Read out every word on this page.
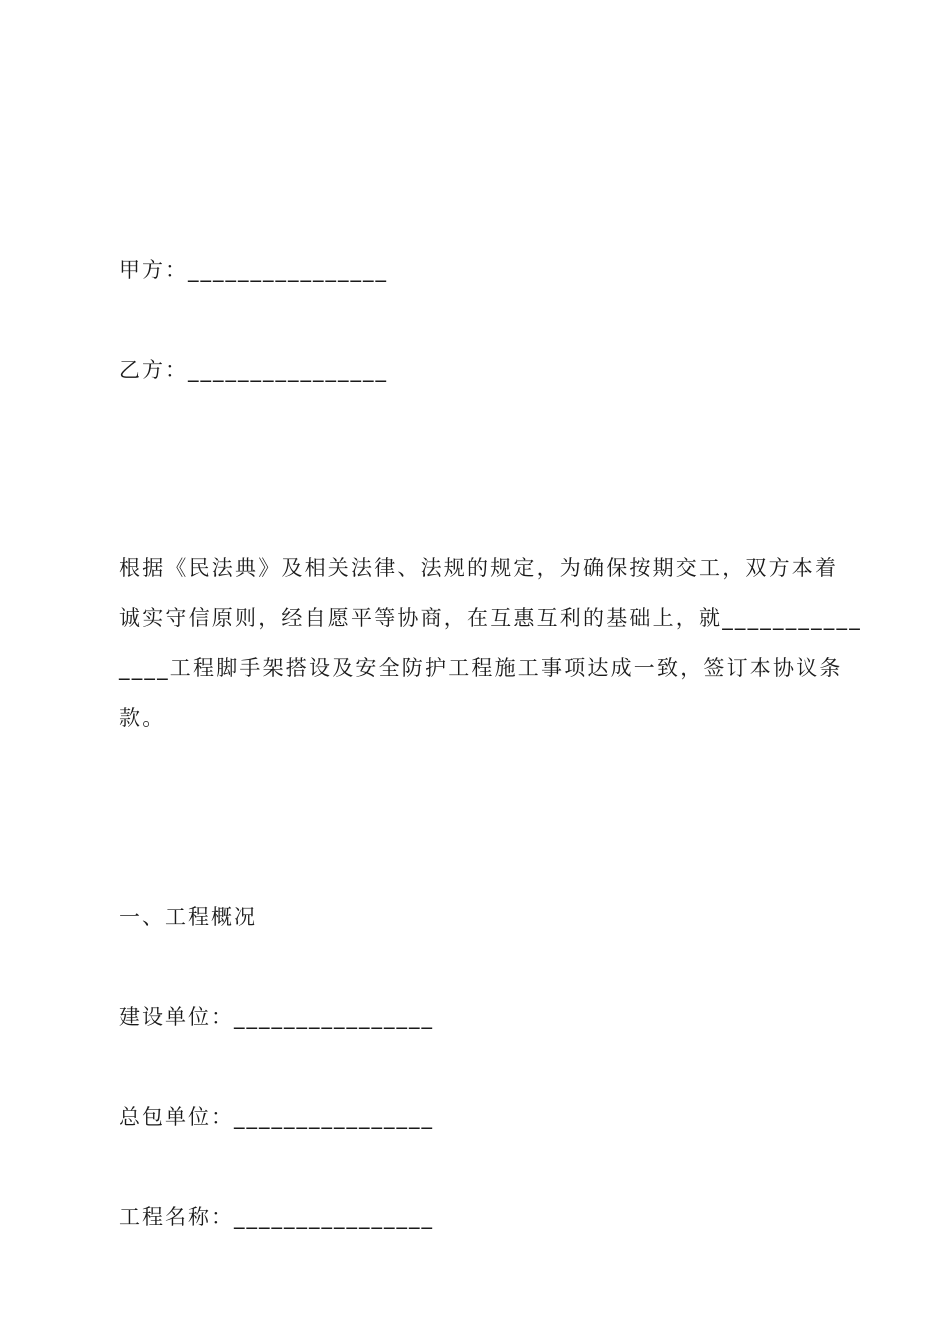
甲方：________________
乙方：________________
根据《民法典》及相关法律、法规的规定，为确保按期交工，双方本着
诚实守信原则，经自愿平等协商，在互惠互利的基础上，就___________
____工程脚手架搭设及安全防护工程施工事项达成一致，签订本协议条
款。
一、工程概况
建设单位：________________
总包单位：________________
工程名称：________________
